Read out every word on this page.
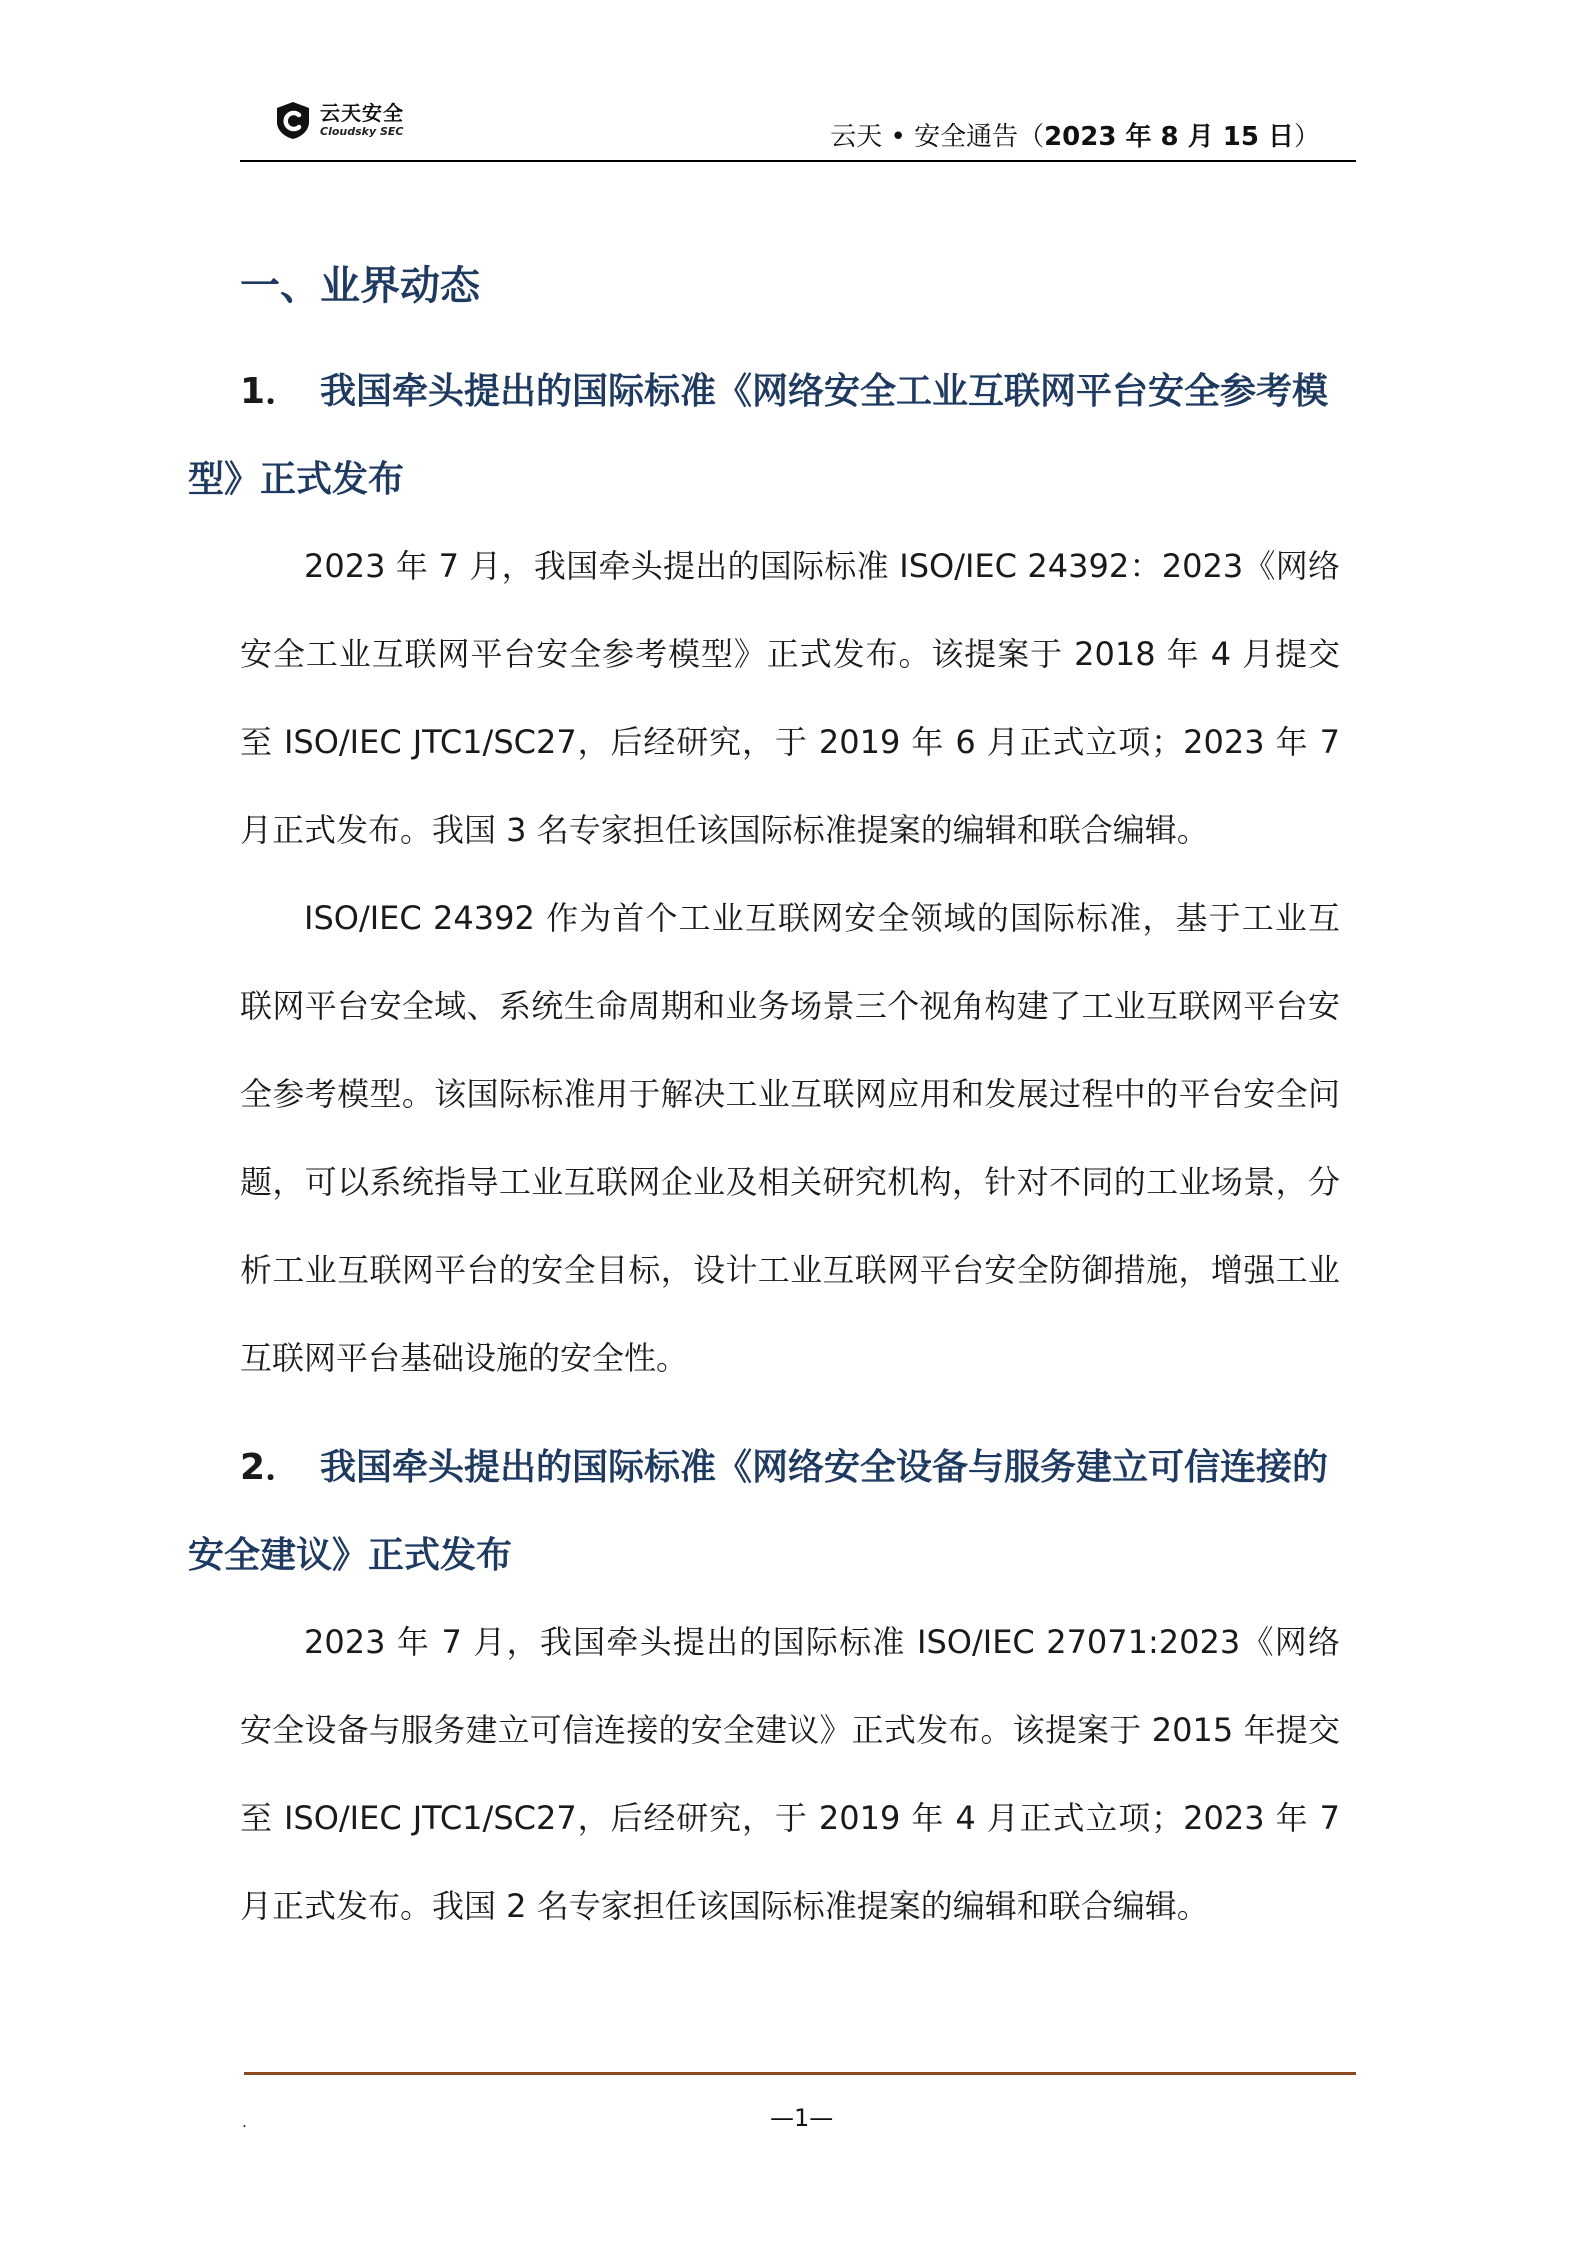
云天安全
Cloudsky SEC	云天 • 安全通告（2023 年 8 月 15 日）
一、业界动态
1． 我国牵头提出的国际标准《网络安全工业互联网平台安全参考模型》正式发布
2023 年 7 月，我国牵头提出的国际标准 ISO/IEC 24392：2023《网络安全工业互联网平台安全参考模型》正式发布。该提案于 2018 年 4 月提交至 ISO/IEC JTC1/SC27，后经研究，于 2019 年 6 月正式立项；2023 年 7 月正式发布。我国 3 名专家担任该国际标准提案的编辑和联合编辑。
ISO/IEC 24392 作为首个工业互联网安全领域的国际标准，基于工业互联网平台安全域、系统生命周期和业务场景三个视角构建了工业互联网平台安全参考模型。该国际标准用于解决工业互联网应用和发展过程中的平台安全问题，可以系统指导工业互联网企业及相关研究机构，针对不同的工业场景，分析工业互联网平台的安全目标，设计工业互联网平台安全防御措施，增强工业互联网平台基础设施的安全性。
2． 我国牵头提出的国际标准《网络安全设备与服务建立可信连接的安全建议》正式发布
2023 年 7 月，我国牵头提出的国际标准 ISO/IEC 27071:2023《网络安全设备与服务建立可信连接的安全建议》正式发布。该提案于 2015 年提交至 ISO/IEC JTC1/SC27，后经研究，于 2019 年 4 月正式立项；2023 年 7 月正式发布。我国 2 名专家担任该国际标准提案的编辑和联合编辑。
.	—1—
